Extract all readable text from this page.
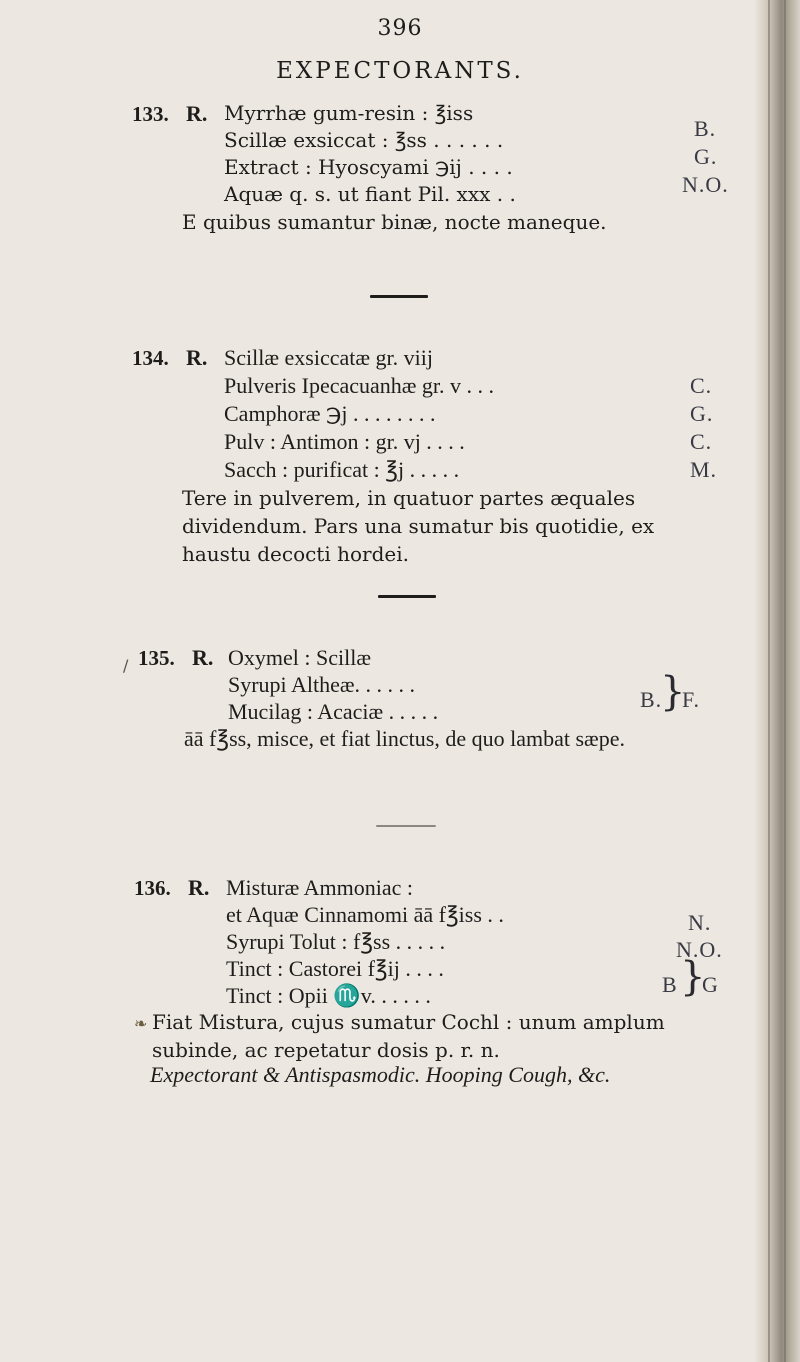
396
EXPECTORANTS.
133. R. Myrrhæ gum-resin : ℥iss
Scillæ exsiccat : ℥ss . . . . . .
Extract : Hyoscyami ℈ij . . . .
Aquæ q. s. ut fiant Pil. xxx . .
B.
G.
N.O.
E quibus sumantur binæ, nocte maneque.
134. R. Scillæ exsiccatæ gr. viij
Pulveris Ipecacuanhæ gr. v . . .
Camphoræ ℈j . . . . . . . .
Pulv : Antimon : gr. vj . . . .
Sacch : purificat : ℥j . . . . .
C.
G.
C.
M.
Tere in pulverem, in quatuor partes æquales dividendum. Pars una sumatur bis quotidie, ex haustu decocti hordei.
/ 135. R. Oxymel : Scillæ
Syrupi Altheæ. . . . . .
Mucilag : Acaciæ . . . . .	B.
}
F.
āā f℥ss, misce, et fiat linctus, de quo lambat sæpe.
136. R. Misturæ Ammoniac :
et Aquæ Cinnamomi āā f℥iss . .
Syrupi Tolut : f℥ss . . . . .
Tinct : Castorei f℥ij . . . .
Tinct : Opii ♏v. . . . . .
N.
N.O.
B }
G
❧ Fiat Mistura, cujus sumatur Cochl : unum amplum subinde, ac repetatur dosis p. r. n.
Expectorant & Antispasmodic. Hooping Cough, &c.
